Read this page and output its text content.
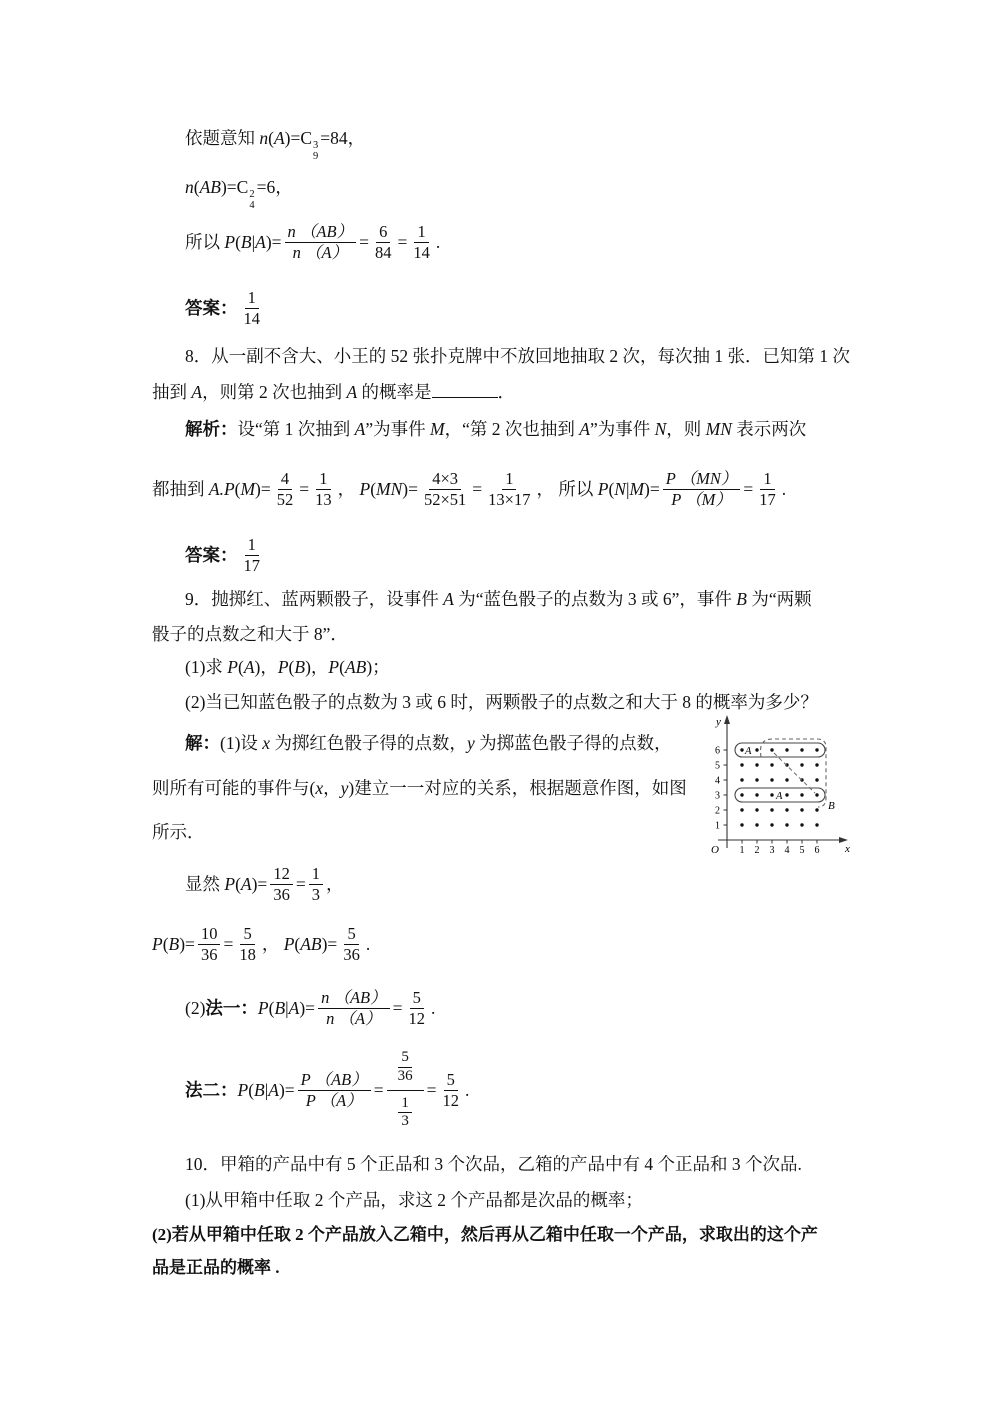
依题意知 n(A)=C 3
9
=84，
n(AB)=C 2
4
=6，
所以 P ( B | A )= $\frac{n (AB)}{n (A)} = \frac{6}{84} = \frac{1}{14}$ .
答案： $\frac{1}{14}$
8．从一副不含大、小王的 52 张扑克牌中不放回地抽取 2 次，每次抽 1 张．已知第 1 次
抽到 A，则第 2 次也抽到 A 的概率是	．
解析：设“第 1 次抽到 A”为事件 M，“第 2 次也抽到 A”为事件 N，则 MN 表示两次
都抽到 A.P ( M )= $\frac{4}{52} = \frac{1}{13}$ ， P ( MN )= $\frac{4\times 3}{52\times 51} = \frac{1}{13\times 17}$ ， 所以 P ( N | M )= $\frac{P (MN)}{P (M)} = \frac{1}{17}$ .
答案： $\frac{1}{17}$
9．抛掷红、蓝两颗骰子，设事件 A 为“蓝色骰子的点数为 3 或 6”，事件 B 为“两颗
骰子的点数之和大于 8”．
(1)求 P(A)，P(B)，P(AB)；
(2)当已知蓝色骰子的点数为 3 或 6 时，两颗骰子的点数之和大于 8 的概率为多少？
解：(1)设 x 为掷红色骰子得的点数，y 为掷蓝色骰子得的点数，
则所有可能的事件与(x，y)建立一一对应的关系，根据题意作图，如图
所示．
1 2 3 4 5 6
1
2
3
4
5
6
y
x
O
A
A
B
显然 P ( A )= $\frac{12}{36} = \frac{1}{3}$ ，
P ( B )= $\frac{10}{36} = \frac{5}{18}$ ， P ( AB )= $\frac{5}{36}$ .
(2) 法一： P ( B | A )= $\frac{n (AB)}{n (A)} = \frac{5}{12}$ .
法二： P ( B | A )= $\frac{P (AB)}{P (A)} = \frac{\frac{5}{36}}{\frac{1}{3}} = \frac{5}{12}$ .
10．甲箱的产品中有 5 个正品和 3 个次品，乙箱的产品中有 4 个正品和 3 个次品.
(1)从甲箱中任取 2 个产品，求这 2 个产品都是次品的概率；
(2)若从甲箱中任取 2 个产品放入乙箱中，然后再从乙箱中任取一个产品，求取出的这个产
品是正品的概率 .
